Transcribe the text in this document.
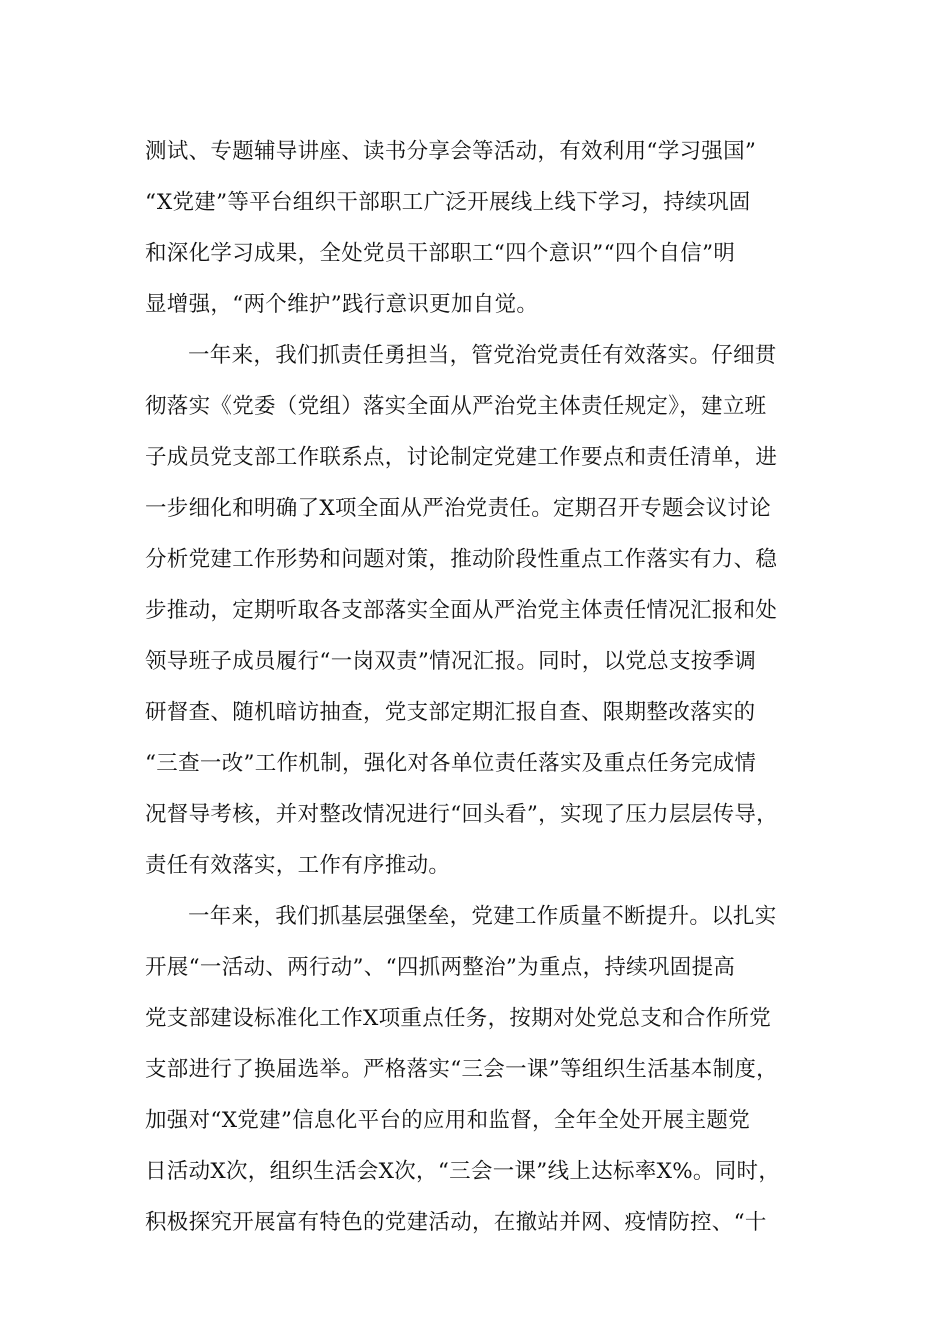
测试、专题辅导讲座、读书分享会等活动，有效利用“学习强国”
“X党建”等平台组织干部职工广泛开展线上线下学习，持续巩固
和深化学习成果，全处党员干部职工“四个意识”“四个自信”明
显增强，“两个维护”践行意识更加自觉。
一年来，我们抓责任勇担当，管党治党责任有效落实。仔细贯
彻落实《党委（党组）落实全面从严治党主体责任规定》，建立班
子成员党支部工作联系点，讨论制定党建工作要点和责任清单，进
一步细化和明确了X项全面从严治党责任。定期召开专题会议讨论
分析党建工作形势和问题对策，推动阶段性重点工作落实有力、稳
步推动，定期听取各支部落实全面从严治党主体责任情况汇报和处
领导班子成员履行“一岗双责”情况汇报。同时，以党总支按季调
研督查、随机暗访抽查，党支部定期汇报自查、限期整改落实的
“三查一改”工作机制，强化对各单位责任落实及重点任务完成情
况督导考核，并对整改情况进行“回头看”，实现了压力层层传导，
责任有效落实，工作有序推动。
一年来，我们抓基层强堡垒，党建工作质量不断提升。以扎实
开展“一活动、两行动”、“四抓两整治”为重点，持续巩固提高
党支部建设标准化工作X项重点任务，按期对处党总支和合作所党
支部进行了换届选举。严格落实“三会一课”等组织生活基本制度，
加强对“X党建”信息化平台的应用和监督，全年全处开展主题党
日活动X次，组织生活会X次，“三会一课”线上达标率X%。同时，
积极探究开展富有特色的党建活动，在撤站并网、疫情防控、“十
